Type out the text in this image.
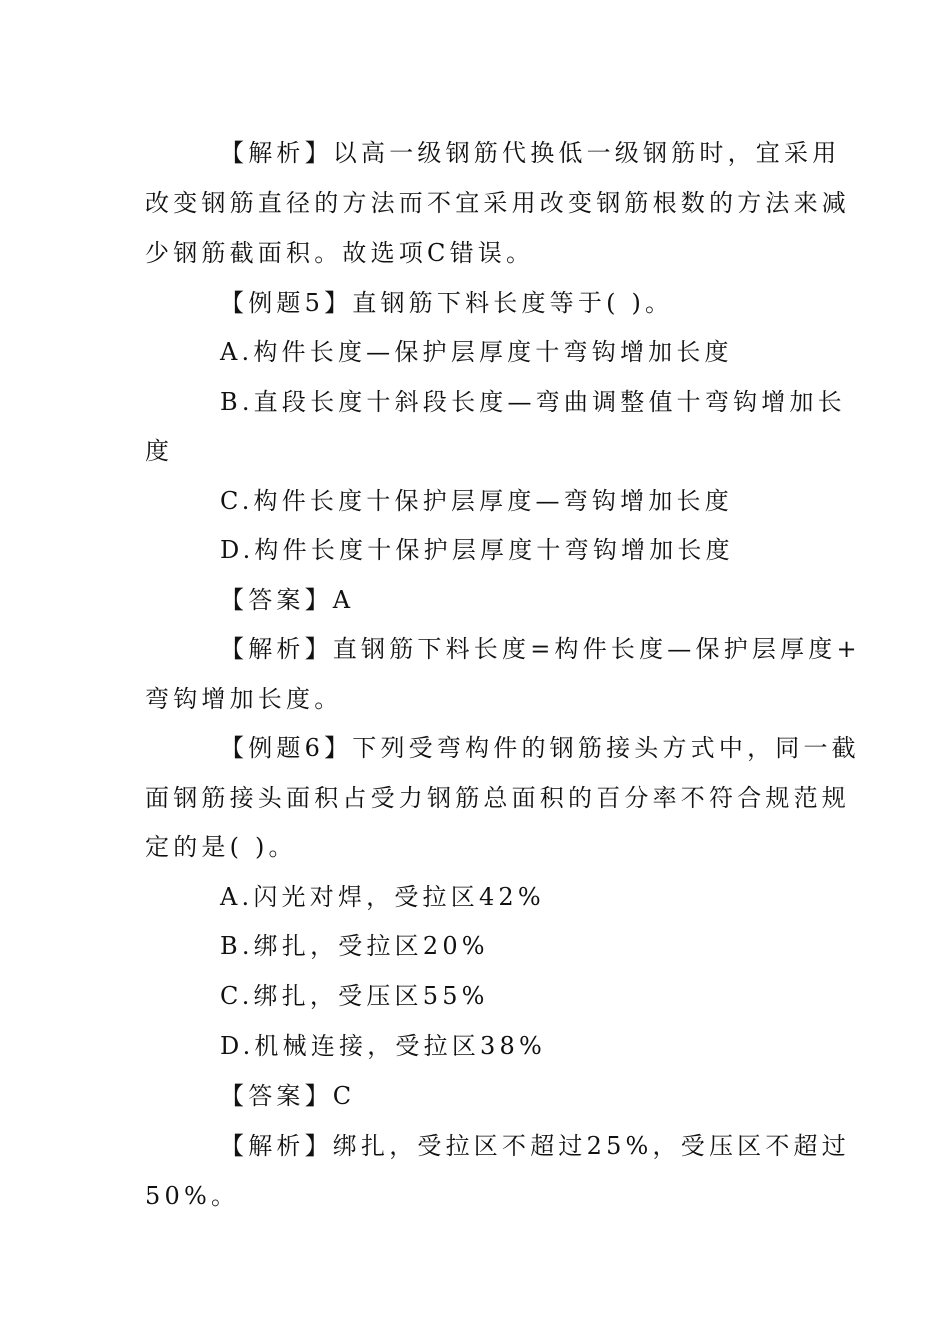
【解析】以高一级钢筋代换低一级钢筋时，宜采用
改变钢筋直径的方法而不宜采用改变钢筋根数的方法来减
少钢筋截面积。故选项C错误。
【例题5】直钢筋下料长度等于( )。
A.构件长度—保护层厚度十弯钩增加长度
B.直段长度十斜段长度—弯曲调整值十弯钩增加长
度
C.构件长度十保护层厚度—弯钩增加长度
D.构件长度十保护层厚度十弯钩增加长度
【答案】A
【解析】直钢筋下料长度=构件长度—保护层厚度+
弯钩增加长度。
【例题6】下列受弯构件的钢筋接头方式中，同一截
面钢筋接头面积占受力钢筋总面积的百分率不符合规范规
定的是( )。
A.闪光对焊，受拉区42%
B.绑扎，受拉区20%
C.绑扎，受压区55%
D.机械连接，受拉区38%
【答案】C
【解析】绑扎，受拉区不超过25%，受压区不超过
50%。
